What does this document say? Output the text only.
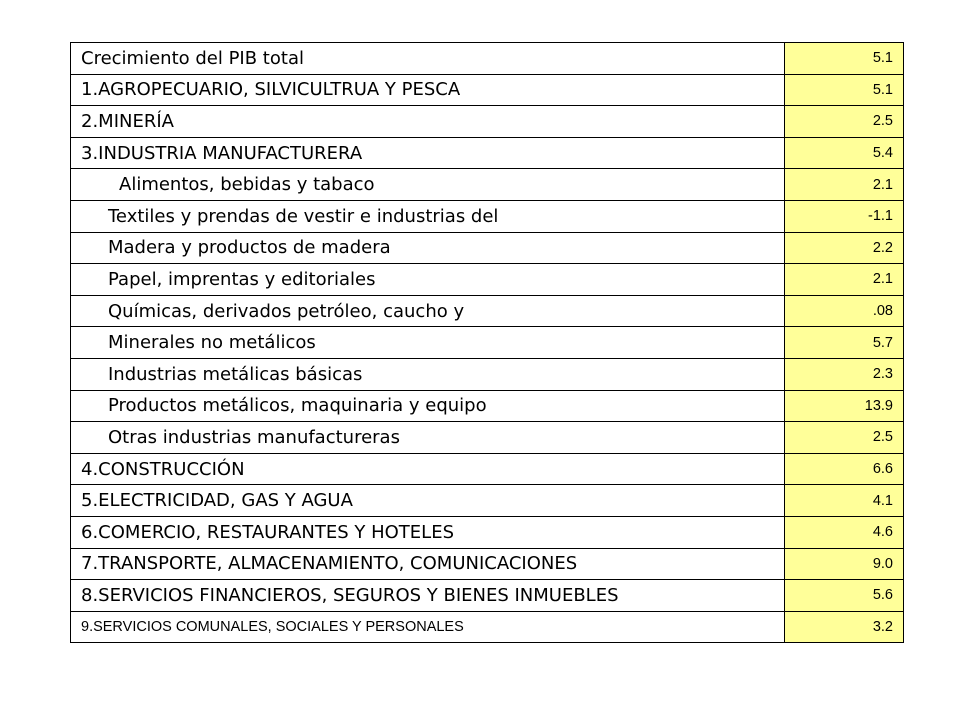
Crecimiento del PIB total	5.1
1.AGROPECUARIO, SILVICULTRUA Y PESCA	5.1
2.MINERÍA	2.5
3.INDUSTRIA MANUFACTURERA	5.4
Alimentos, bebidas y tabaco	2.1
Textiles y prendas de vestir e industrias del	-1.1
Madera y productos de madera	2.2
Papel, imprentas y editoriales	2.1
Químicas, derivados petróleo, caucho y	.08
Minerales no metálicos	5.7
Industrias metálicas básicas	2.3
Productos metálicos, maquinaria y equipo	13.9
Otras industrias manufactureras	2.5
4.CONSTRUCCIÓN	6.6
5.ELECTRICIDAD, GAS Y AGUA	4.1
6.COMERCIO, RESTAURANTES Y HOTELES	4.6
7.TRANSPORTE, ALMACENAMIENTO, COMUNICACIONES	9.0
8.SERVICIOS FINANCIEROS, SEGUROS Y BIENES INMUEBLES	5.6
9.SERVICIOS COMUNALES, SOCIALES Y PERSONALES	3.2
